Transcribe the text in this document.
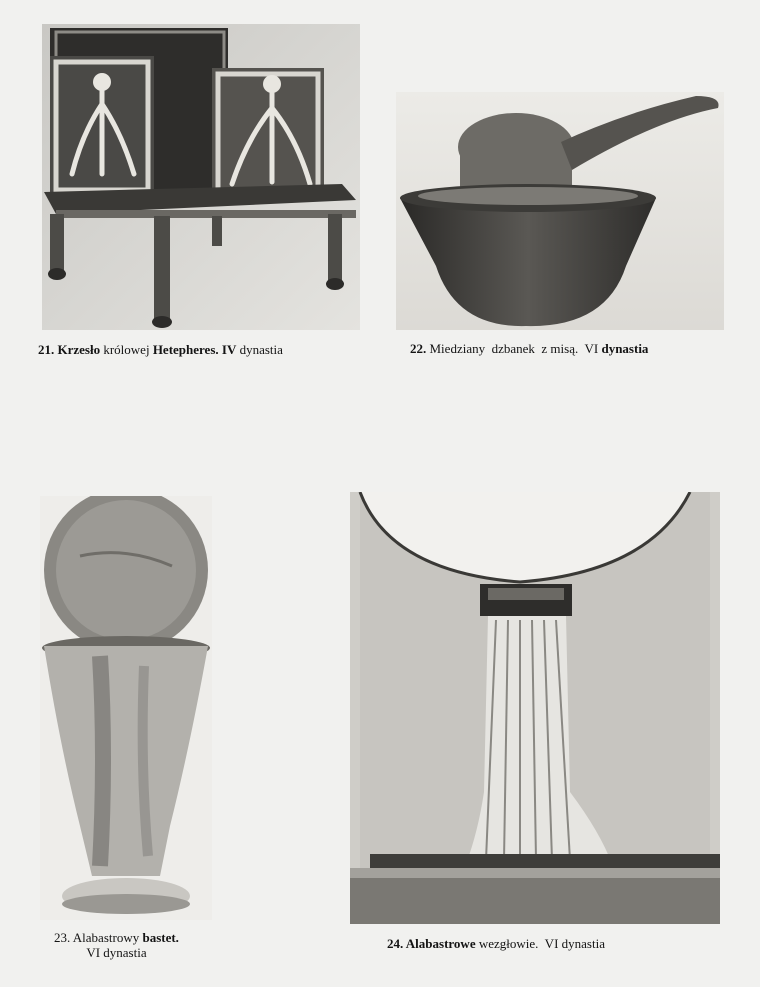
21. Krzesło królowej Hetepheres. IV dynastia	22. Miedziany  dzbanek  z misą.  VI dynastia
23. Alabastrowy bastet.
VI dynastia
24. Alabastrowe wezgłowie.  VI dynastia
